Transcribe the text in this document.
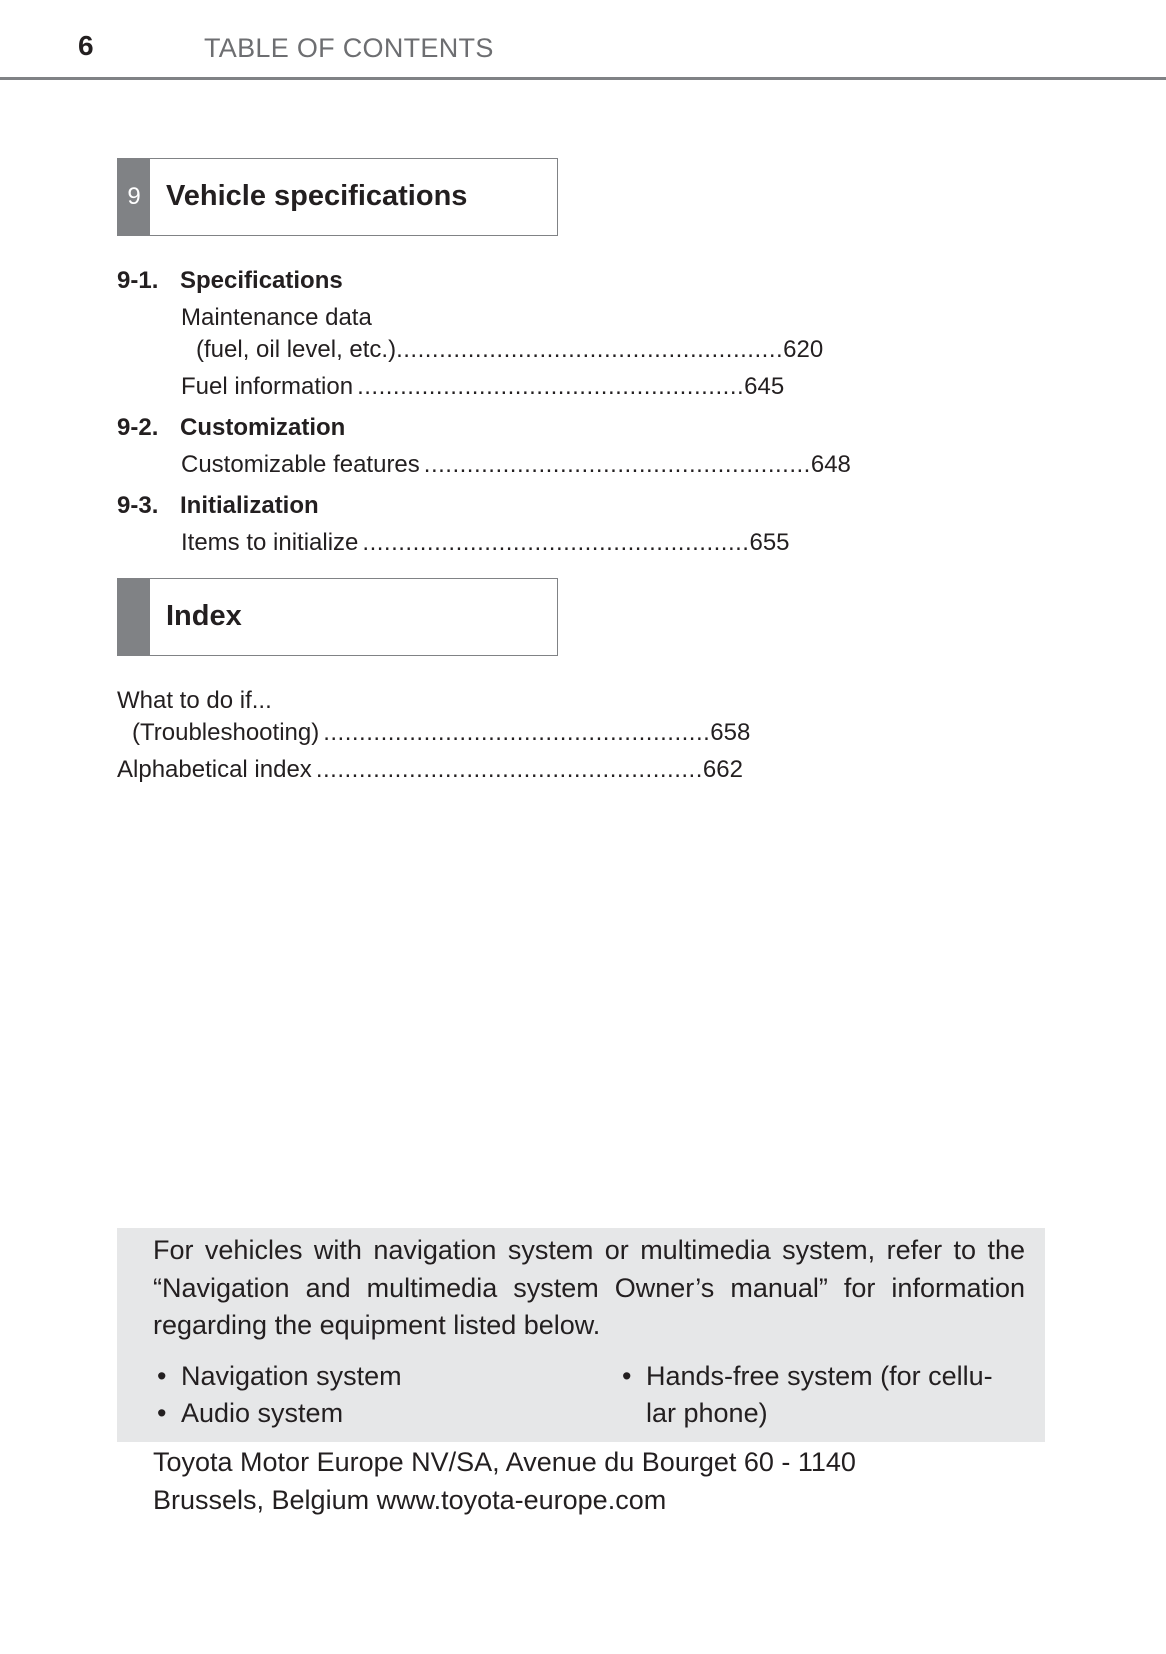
6	TABLE OF CONTENTS
9 Vehicle specifications
9-1. Specifications
Maintenance data
(fuel, oil level, etc.) ...................................................... 620
Fuel information ...................................................... 645
9-2. Customization
Customizable features ...................................................... 648
9-3. Initialization
Items to initialize ...................................................... 655
Index
What to do if...
(Troubleshooting) ...................................................... 658
Alphabetical index ...................................................... 662
For vehicles with navigation system or multimedia system, refer to the “Navigation and multimedia system Owner’s manual” for information regarding the equipment listed below.
• Navigation system
• Audio system
• Hands-free system (for cellu-
lar phone)
Toyota Motor Europe NV/SA, Avenue du Bourget 60 - 1140
Brussels, Belgium www.toyota-europe.com
